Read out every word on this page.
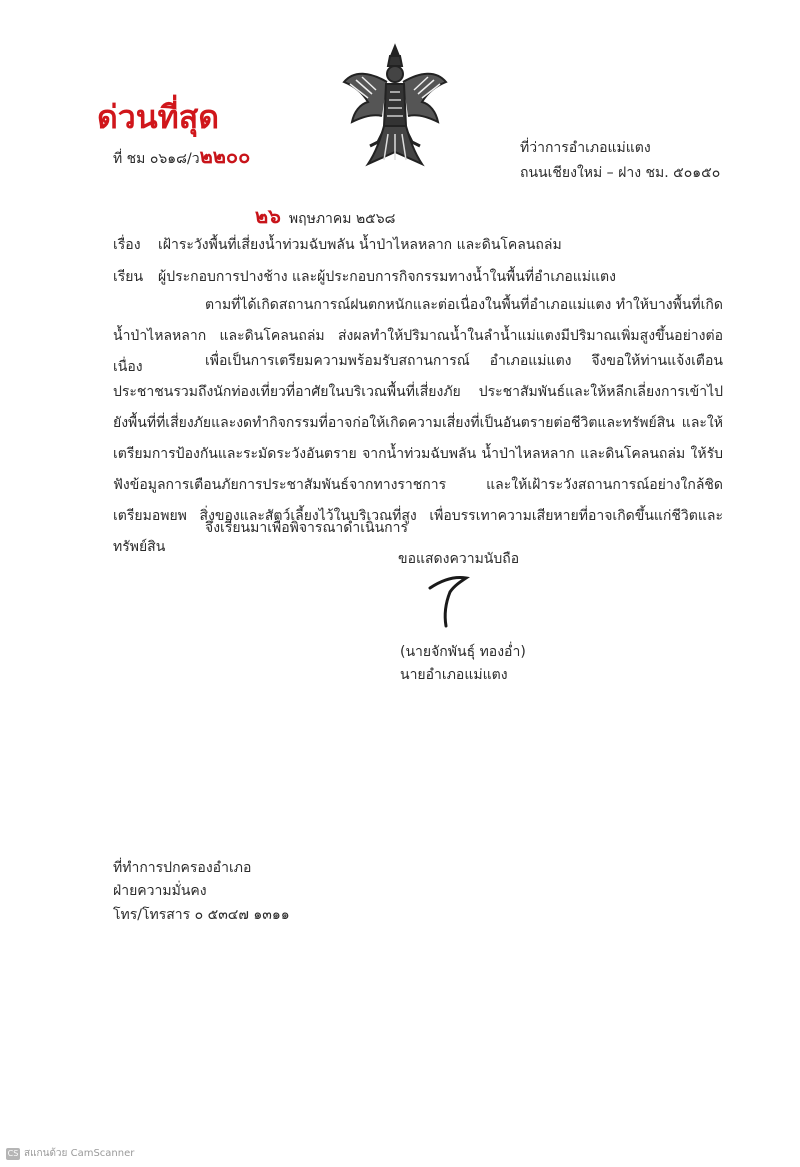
ด่วนที่สุด
ที่ ชม ๐๖๑๘/ว๒๒๐๐	ที่ว่าการอำเภอแม่แตง
ถนนเชียงใหม่ – ฝาง ชม. ๕๐๑๕๐
๒๖ พฤษภาคม ๒๕๖๘
เรื่อง เฝ้าระวังพื้นที่เสี่ยงน้ำท่วมฉับพลัน น้ำป่าไหลหลาก และดินโคลนถล่ม
เรียน ผู้ประกอบการปางช้าง และผู้ประกอบการกิจกรรมทางน้ำในพื้นที่อำเภอแม่แตง
ตามที่ได้เกิดสถานการณ์ฝนตกหนักและต่อเนื่องในพื้นที่อำเภอแม่แตง ทำให้บางพื้นที่เกิดน้ำป่าไหลหลาก และดินโคลนถล่ม ส่งผลทำให้ปริมาณน้ำในลำน้ำแม่แตงมีปริมาณเพิ่มสูงขึ้นอย่างต่อเนื่อง	เพื่อเป็นการเตรียมความพร้อมรับสถานการณ์ อำเภอแม่แตง จึงขอให้ท่านแจ้งเตือนประชาชนรวมถึงนักท่องเที่ยวที่อาศัยในบริเวณพื้นที่เสี่ยงภัย ประชาสัมพันธ์และให้หลีกเลี่ยงการเข้าไปยังพื้นที่ที่เสี่ยงภัยและงดทำกิจกรรมที่อาจก่อให้เกิดความเสี่ยงที่เป็นอันตรายต่อชีวิตและทรัพย์สิน และให้เตรียมการป้องกันและระมัดระวังอันตราย จากน้ำท่วมฉับพลัน น้ำป่าไหลหลาก และดินโคลนถล่ม ให้รับฟังข้อมูลการเตือนภัยการประชาสัมพันธ์จากทางราชการ และให้เฝ้าระวังสถานการณ์อย่างใกล้ชิด เตรียมอพยพ สิ่งของและสัตว์เลี้ยงไว้ในบริเวณที่สูง เพื่อบรรเทาความเสียหายที่อาจเกิดขึ้นแก่ชีวิตและทรัพย์สิน
จึงเรียนมาเพื่อพิจารณาดำเนินการ
ขอแสดงความนับถือ
(นายจักพันธุ์ ทองอ่ำ)
นายอำเภอแม่แตง
ที่ทำการปกครองอำเภอ
ฝ่ายความมั่นคง
โทร/โทรสาร ๐ ๕๓๔๗ ๑๓๑๑
CS สแกนด้วย CamScanner
